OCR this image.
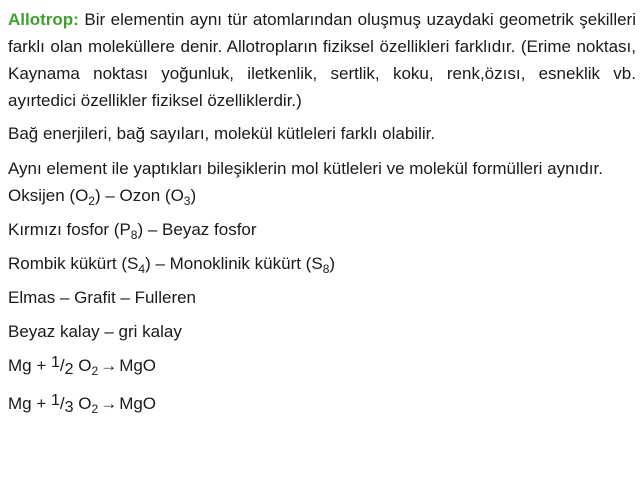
Allotrop: Bir elementin aynı tür atomlarından oluşmuş uzaydaki geometrik şekilleri farklı olan moleküllere denir. Allotropların fiziksel özellikleri farklıdır. (Erime noktası, Kaynama noktası yoğunluk, iletkenlik, sertlik, koku, renk,özısı, esneklik vb. ayırtedici özellikler fiziksel özelliklerdir.)

Bağ enerjileri, bağ sayıları, molekül kütleleri farklı olabilir.

Aynı element ile yaptıkları bileşiklerin mol kütleleri ve molekül formülleri aynıdır.

Oksijen $(O_2)$ – Ozon $(O_3)$

Kırmızı fosfor $(P_8)$ – Beyaz fosfor

Rombik kükürt $(S_4)$ – Monoklinik kükürt $(S_8)$

Elmas – Grafit – Fulleren

Beyaz kalay – gri kalay

Mg + $^1$/2 $O_2$ → MgO

Mg + $^1$/3 $O_2$ → MgO
